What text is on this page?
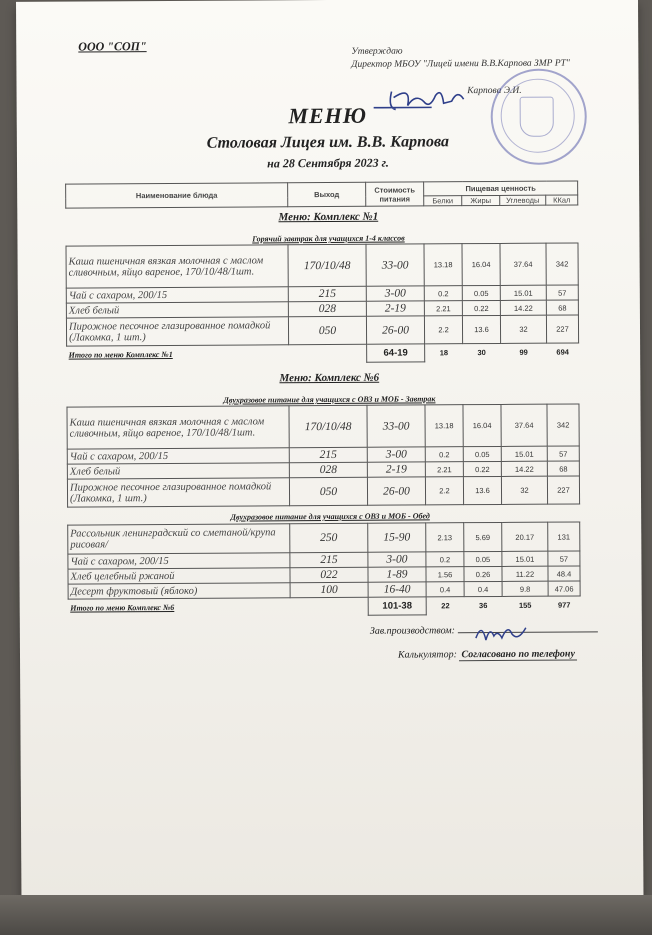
ООО "СОП"	Утверждаю
Директор МБОУ "Лицей имени В.В.Карпова ЗМР РТ"
Карпова Э.И.
МЕНЮ
Столовая Лицея им. В.В. Карпова
на 28 Сентября 2023 г.
Наименование блюда	Выход	Стоимость питания	Пищевая ценность			
			Белки	Жиры	Углеводы	ККал
Меню: Комплекс №1
Горячий завтрак для учащихся 1-4 классов
Каша пшеничная вязкая молочная с маслом сливочным, яйцо вареное, 170/10/48/1шт.	170/10/48	33-00	13.18	16.04	37.64	342
Чай с сахаром, 200/15	215	3-00	0.2	0.05	15.01	57
Хлеб белый	028	2-19	2.21	0.22	14.22	68
Пирожное песочное глазированное помадкой (Лакомка, 1 шт.)	050	26-00	2.2	13.6	32	227
Итого по меню Комплекс №1		64-19	18	30	99	694
Меню: Комплекс №6
Двухразовое питание для учащихся с ОВЗ и МОБ - Завтрак
Каша пшеничная вязкая молочная с маслом сливочным, яйцо вареное, 170/10/48/1шт.	170/10/48	33-00	13.18	16.04	37.64	342
Чай с сахаром, 200/15	215	3-00	0.2	0.05	15.01	57
Хлеб белый	028	2-19	2.21	0.22	14.22	68
Пирожное песочное глазированное помадкой (Лакомка, 1 шт.)	050	26-00	2.2	13.6	32	227
Двухразовое питание для учащихся с ОВЗ и МОБ - Обед
Рассольник ленинградский со сметаной/крупа рисовая/	250	15-90	2.13	5.69	20.17	131
Чай с сахаром, 200/15	215	3-00	0.2	0.05	15.01	57
Хлеб целебный ржаной	022	1-89	1.56	0.26	11.22	48.4
Десерт фруктовый (яблоко)	100	16-40	0.4	0.4	9.8	47.06
Итого по меню Комплекс №6		101-38	22	36	155	977
Зав.производством:
Калькулятор: Согласовано по телефону
